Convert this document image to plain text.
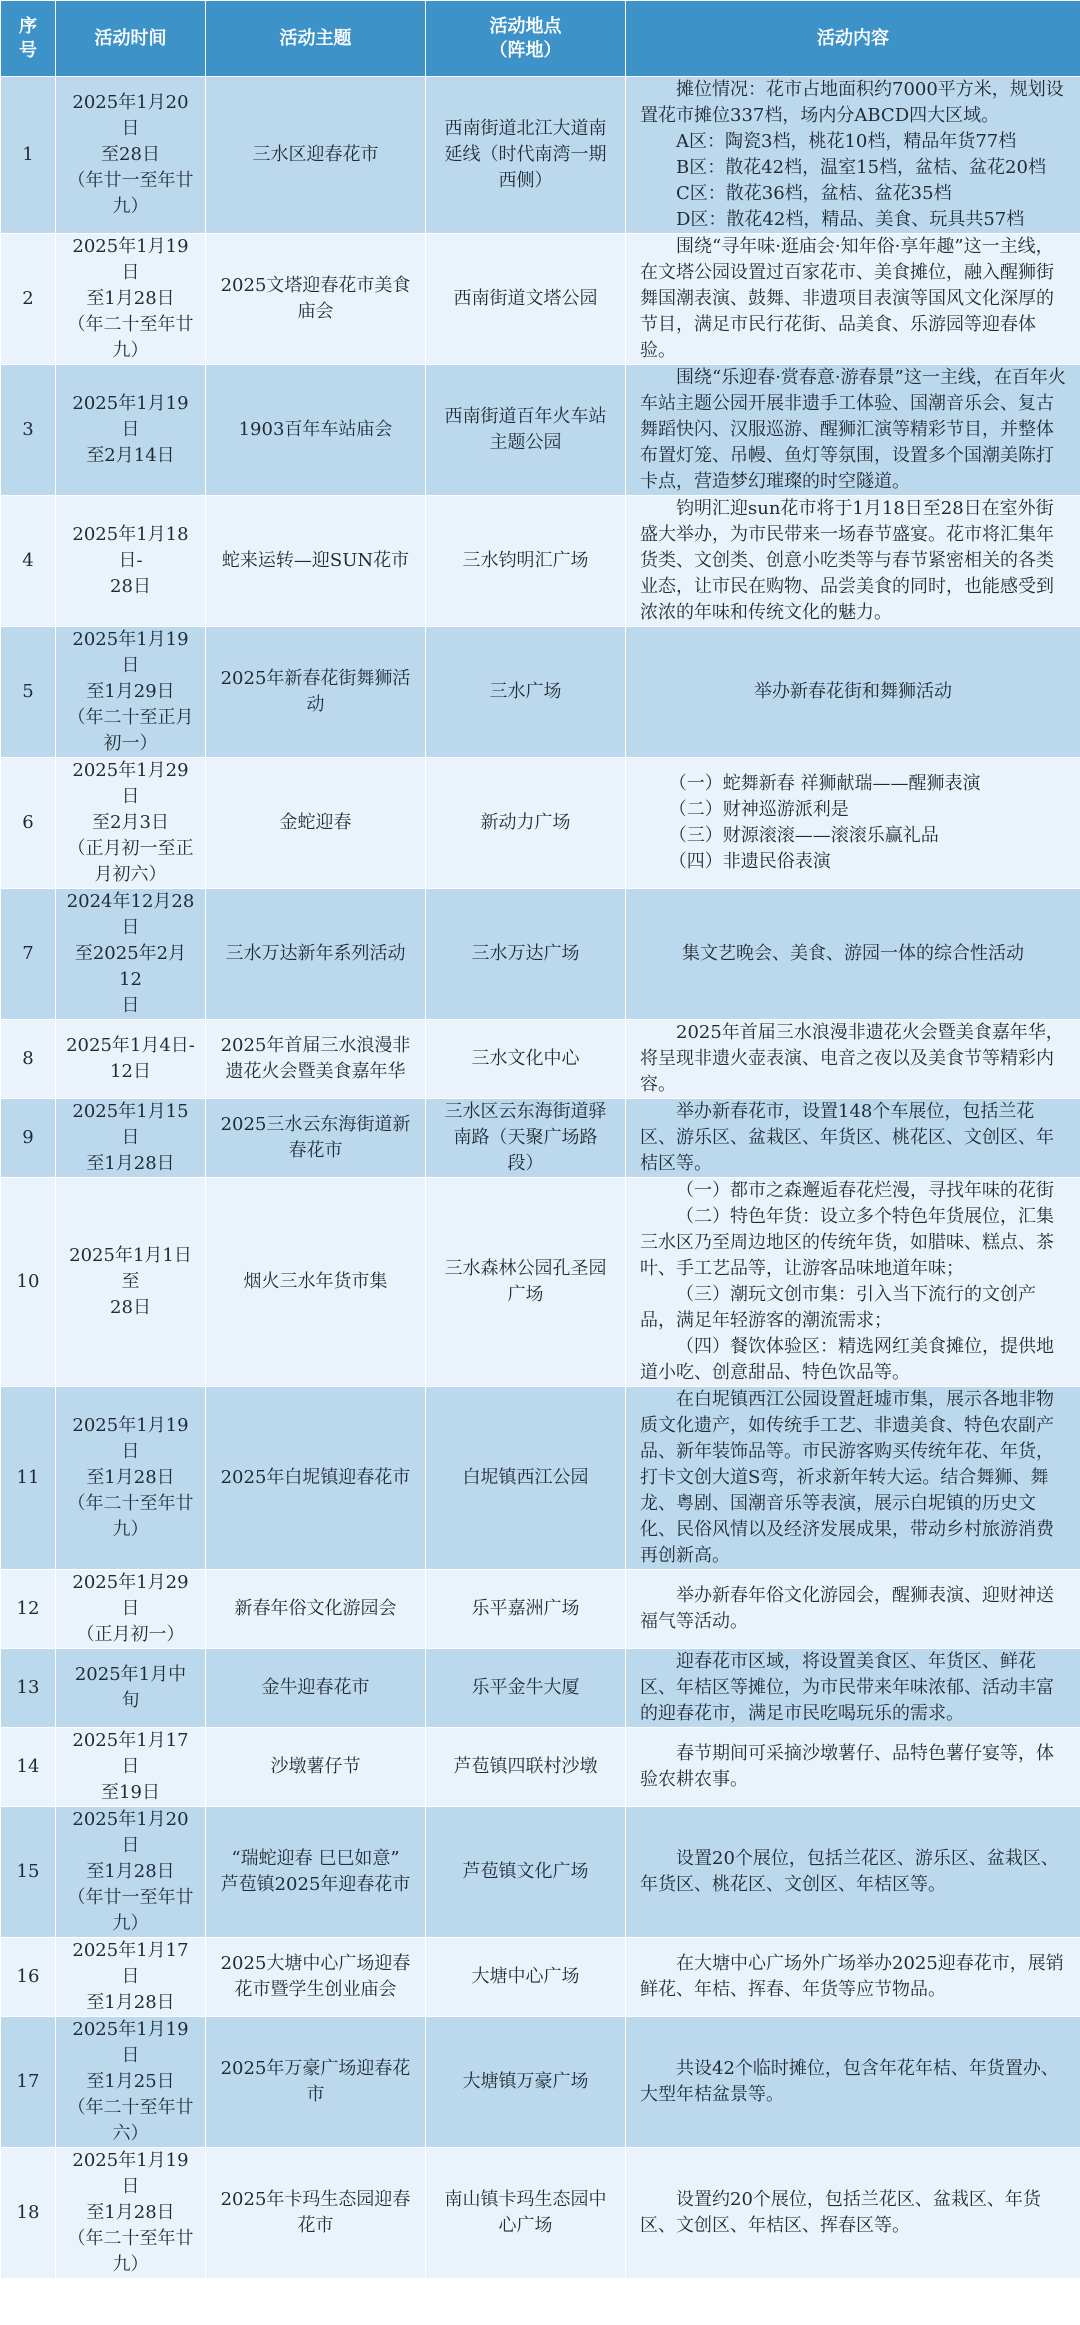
序号	活动时间	活动主题	活动地点
（阵地）	活动内容

1	2025年1月20日
至28日
（年廿一至年廿
九）	三水区迎春花市	西南街道北江大道南
延线（时代南湾一期
西侧）	摊位情况：花市占地面积约7000平方米，规划设置花市摊位337档，场内分ABCD四大区域。
A区：陶瓷3档，桃花10档，精品年货77档
B区：散花42档，温室15档，盆桔、盆花20档
C区：散花36档，盆桔、盆花35档
D区：散花42档，精品、美食、玩具共57档

2	2025年1月19日
至1月28日
（年二十至年廿
九）	2025文塔迎春花市美食
庙会	西南街道文塔公园	围绕“寻年味·逛庙会·知年俗·享年趣”这一主线，在文塔公园设置过百家花市、美食摊位，融入醒狮街舞国潮表演、鼓舞、非遗项目表演等国风文化深厚的节目，满足市民行花街、品美食、乐游园等迎春体验。

3	2025年1月19日
至2月14日	1903百年车站庙会	西南街道百年火车站
主题公园	围绕“乐迎春·赏春意·游春景”这一主线，在百年火车站主题公园开展非遗手工体验、国潮音乐会、复古舞蹈快闪、汉服巡游、醒狮汇演等精彩节目，并整体布置灯笼、吊幔、鱼灯等氛围，设置多个国潮美陈打卡点，营造梦幻璀璨的时空隧道。

4	2025年1月18日-
28日	蛇来运转—迎SUN花市	三水钧明汇广场	钧明汇迎sun花市将于1月18日至28日在室外街盛大举办，为市民带来一场春节盛宴。花市将汇集年货类、文创类、创意小吃类等与春节紧密相关的各类业态，让市民在购物、品尝美食的同时，也能感受到浓浓的年味和传统文化的魅力。

5	2025年1月19日
至1月29日
（年二十至正月
初一）	2025年新春花街舞狮活
动	三水广场	举办新春花街和舞狮活动

6	2025年1月29日
至2月3日
（正月初一至正
月初六）	金蛇迎春	新动力广场	（一）蛇舞新春 祥狮献瑞——醒狮表演
（二）财神巡游派利是
（三）财源滚滚——滚滚乐赢礼品
（四）非遗民俗表演

7	2024年12月28日
至2025年2月12
日	三水万达新年系列活动	三水万达广场	集文艺晚会、美食、游园一体的综合性活动

8	2025年1月4日-
12日	2025年首届三水浪漫非
遗花火会暨美食嘉年华	三水文化中心	2025年首届三水浪漫非遗花火会暨美食嘉年华，将呈现非遗火壶表演、电音之夜以及美食节等精彩内容。

9	2025年1月15日
至1月28日	2025三水云东海街道新
春花市	三水区云东海街道驿
南路（天聚广场路
段）	举办新春花市，设置148个车展位，包括兰花区、游乐区、盆栽区、年货区、桃花区、文创区、年桔区等。

10	2025年1月1日至
28日	烟火三水年货市集	三水森林公园孔圣园
广场	（一）都市之森邂逅春花烂漫，寻找年味的花街
（二）特色年货：设立多个特色年货展位，汇集三水区乃至周边地区的传统年货，如腊味、糕点、茶叶、手工艺品等，让游客品味地道年味；
（三）潮玩文创市集：引入当下流行的文创产品，满足年轻游客的潮流需求；
（四）餐饮体验区：精选网红美食摊位，提供地道小吃、创意甜品、特色饮品等。

11	2025年1月19日
至1月28日
（年二十至年廿
九）	2025年白坭镇迎春花市	白坭镇西江公园	在白坭镇西江公园设置赶墟市集，展示各地非物质文化遗产，如传统手工艺、非遗美食、特色农副产品、新年装饰品等。市民游客购买传统年花、年货，打卡文创大道S弯，祈求新年转大运。结合舞狮、舞龙、粤剧、国潮音乐等表演，展示白坭镇的历史文化、民俗风情以及经济发展成果，带动乡村旅游消费再创新高。

12	2025年1月29日
（正月初一）	新春年俗文化游园会	乐平嘉洲广场	举办新春年俗文化游园会，醒狮表演、迎财神送福气等活动。

13	2025年1月中旬	金牛迎春花市	乐平金牛大厦	迎春花市区域，将设置美食区、年货区、鲜花区、年桔区等摊位，为市民带来年味浓郁、活动丰富的迎春花市，满足市民吃喝玩乐的需求。

14	2025年1月17日
至19日	沙墩薯仔节	芦苞镇四联村沙墩	春节期间可采摘沙墩薯仔、品特色薯仔宴等，体验农耕农事。

15	2025年1月20日
至1月28日
（年廿一至年廿
九）	“瑞蛇迎春 巳巳如意”
芦苞镇2025年迎春花市	芦苞镇文化广场	设置20个展位，包括兰花区、游乐区、盆栽区、年货区、桃花区、文创区、年桔区等。

16	2025年1月17日
至1月28日	2025大塘中心广场迎春
花市暨学生创业庙会	大塘中心广场	在大塘中心广场外广场举办2025迎春花市，展销鲜花、年桔、挥春、年货等应节物品。

17	2025年1月19日
至1月25日
（年二十至年廿
六）	2025年万豪广场迎春花
市	大塘镇万豪广场	共设42个临时摊位，包含年花年桔、年货置办、大型年桔盆景等。

18	2025年1月19日
至1月28日
（年二十至年廿
九）	2025年卡玛生态园迎春
花市	南山镇卡玛生态园中
心广场	设置约20个展位，包括兰花区、盆栽区、年货区、文创区、年桔区、挥春区等。
